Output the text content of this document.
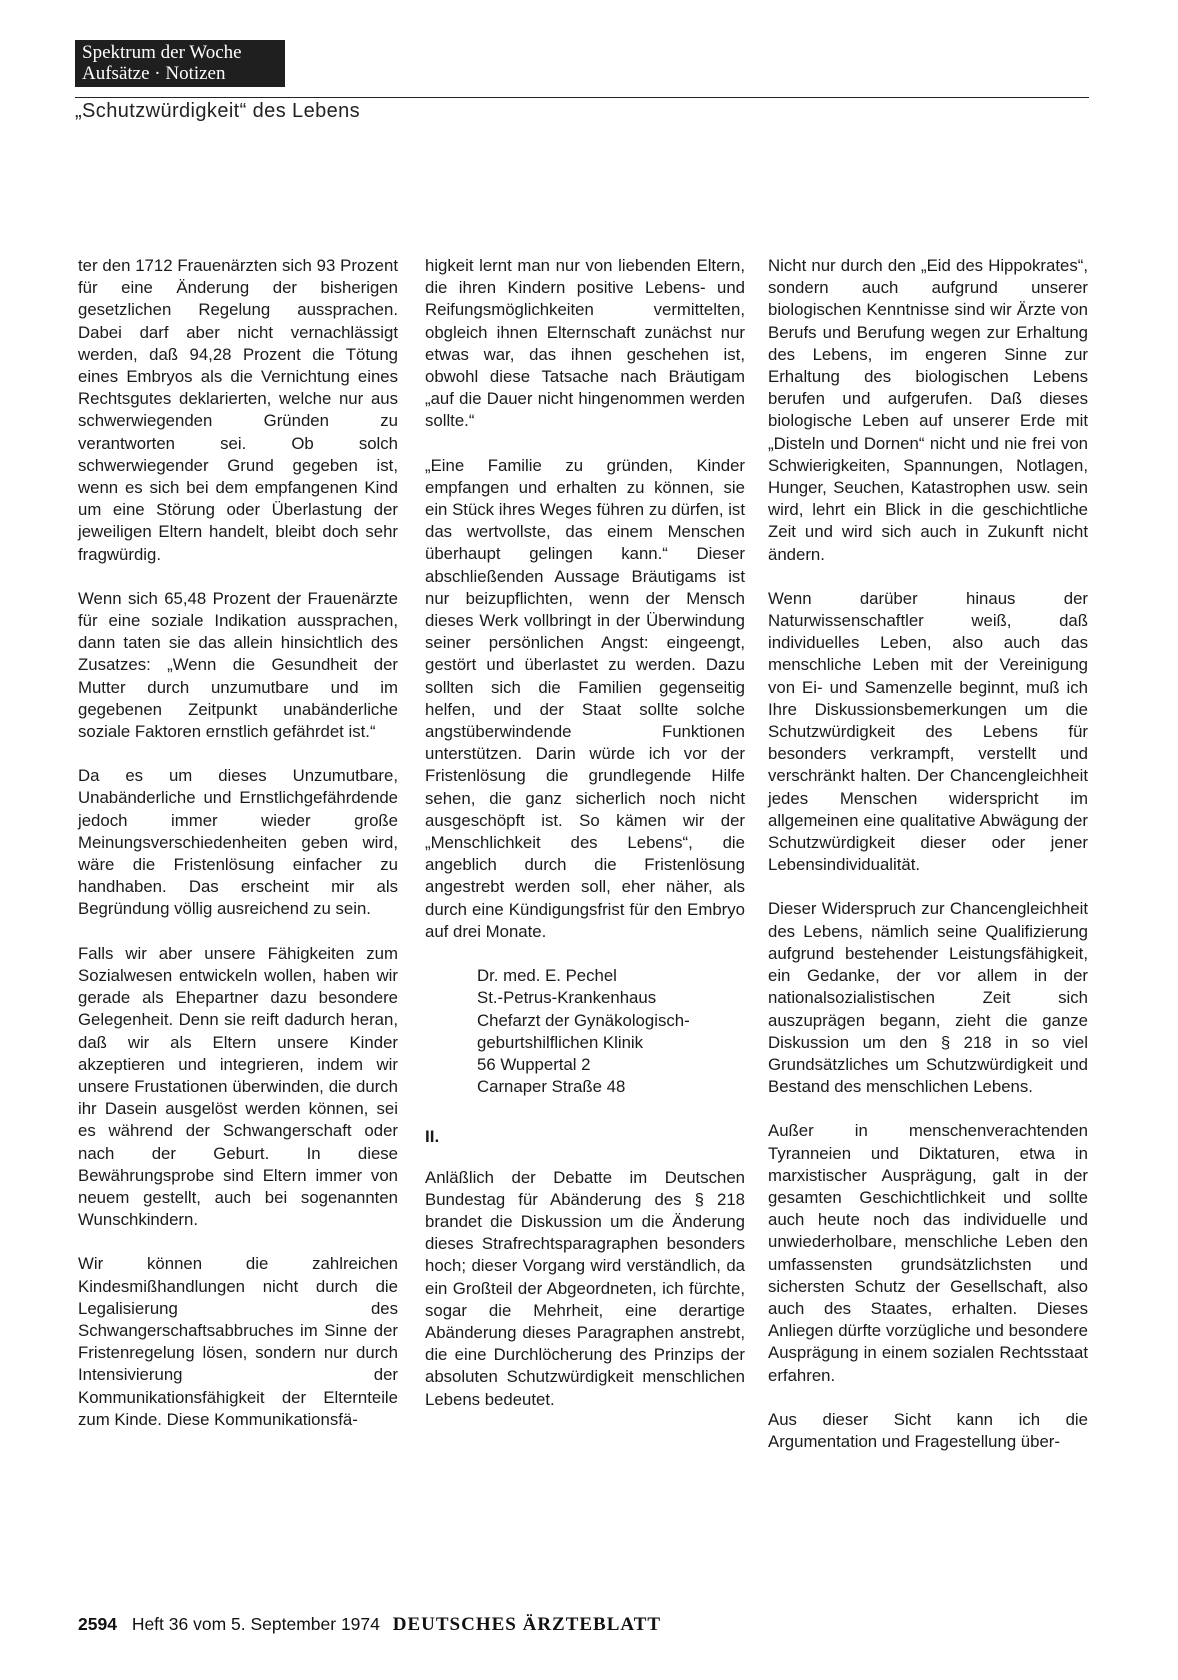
Spektrum der Woche
Aufsätze · Notizen
„Schutzwürdigkeit“ des Lebens

ter den 1712 Frauenärzten sich 93 Prozent für eine Änderung der bisherigen gesetzlichen Regelung aussprachen. Dabei darf aber nicht vernachlässigt werden, daß 94,28 Prozent die Tötung eines Embryos als die Vernichtung eines Rechtsgutes deklarierten, welche nur aus schwerwiegenden Gründen zu verantworten sei. Ob solch schwerwiegender Grund gegeben ist, wenn es sich bei dem empfangenen Kind um eine Störung oder Überlastung der jeweiligen Eltern handelt, bleibt doch sehr fragwürdig.

Wenn sich 65,48 Prozent der Frauenärzte für eine soziale Indikation aussprachen, dann taten sie das allein hinsichtlich des Zusatzes: „Wenn die Gesundheit der Mutter durch unzumutbare und im gegebenen Zeitpunkt unabänderliche soziale Faktoren ernstlich gefährdet ist.“

Da es um dieses Unzumutbare, Unabänderliche und Ernstlichgefährdende jedoch immer wieder große Meinungsverschiedenheiten geben wird, wäre die Fristenlösung einfacher zu handhaben. Das erscheint mir als Begründung völlig ausreichend zu sein.

Falls wir aber unsere Fähigkeiten zum Sozialwesen entwickeln wollen, haben wir gerade als Ehepartner dazu besondere Gelegenheit. Denn sie reift dadurch heran, daß wir als Eltern unsere Kinder akzeptieren und integrieren, indem wir unsere Frustationen überwinden, die durch ihr Dasein ausgelöst werden können, sei es während der Schwangerschaft oder nach der Geburt. In diese Bewährungsprobe sind Eltern immer von neuem gestellt, auch bei sogenannten Wunschkindern.

Wir können die zahlreichen Kindesmißhandlungen nicht durch die Legalisierung des Schwangerschaftsabbruches im Sinne der Fristenregelung lösen, sondern nur durch Intensivierung der Kommunikationsfähigkeit der Elternteile zum Kinde. Diese Kommunikationsfä-

higkeit lernt man nur von liebenden Eltern, die ihren Kindern positive Lebens- und Reifungsmöglichkeiten vermittelten, obgleich ihnen Elternschaft zunächst nur etwas war, das ihnen geschehen ist, obwohl diese Tatsache nach Bräutigam „auf die Dauer nicht hingenommen werden sollte.“

„Eine Familie zu gründen, Kinder empfangen und erhalten zu können, sie ein Stück ihres Weges führen zu dürfen, ist das wertvollste, das einem Menschen überhaupt gelingen kann.“ Dieser abschließenden Aussage Bräutigams ist nur beizupflichten, wenn der Mensch dieses Werk vollbringt in der Überwindung seiner persönlichen Angst: eingeengt, gestört und überlastet zu werden. Dazu sollten sich die Familien gegenseitig helfen, und der Staat sollte solche angstüberwindende Funktionen unterstützen. Darin würde ich vor der Fristenlösung die grundlegende Hilfe sehen, die ganz sicherlich noch nicht ausgeschöpft ist. So kämen wir der „Menschlichkeit des Lebens“, die angeblich durch die Fristenlösung angestrebt werden soll, eher näher, als durch eine Kündigungsfrist für den Embryo auf drei Monate.

Dr. med. E. Pechel
St.-Petrus-Krankenhaus
Chefarzt der Gynäkologisch-
geburtshilflichen Klinik
56 Wuppertal 2
Carnaper Straße 48
II.

Anläßlich der Debatte im Deutschen Bundestag für Abänderung des § 218 brandet die Diskussion um die Änderung dieses Strafrechtsparagraphen besonders hoch; dieser Vorgang wird verständlich, da ein Großteil der Abgeordneten, ich fürchte, sogar die Mehrheit, eine derartige Abänderung dieses Paragraphen anstrebt, die eine Durchlöcherung des Prinzips der absoluten Schutzwürdigkeit menschlichen Lebens bedeutet.

Nicht nur durch den „Eid des Hippokrates“, sondern auch aufgrund unserer biologischen Kenntnisse sind wir Ärzte von Berufs und Berufung wegen zur Erhaltung des Lebens, im engeren Sinne zur Erhaltung des biologischen Lebens berufen und aufgerufen. Daß dieses biologische Leben auf unserer Erde mit „Disteln und Dornen“ nicht und nie frei von Schwierigkeiten, Spannungen, Notlagen, Hunger, Seuchen, Katastrophen usw. sein wird, lehrt ein Blick in die geschichtliche Zeit und wird sich auch in Zukunft nicht ändern.

Wenn darüber hinaus der Naturwissenschaftler weiß, daß individuelles Leben, also auch das menschliche Leben mit der Vereinigung von Ei- und Samenzelle beginnt, muß ich Ihre Diskussionsbemerkungen um die Schutzwürdigkeit des Lebens für besonders verkrampft, verstellt und verschränkt halten. Der Chancengleichheit jedes Menschen widerspricht im allgemeinen eine qualitative Abwägung der Schutzwürdigkeit dieser oder jener Lebensindividualität.

Dieser Widerspruch zur Chancengleichheit des Lebens, nämlich seine Qualifizierung aufgrund bestehender Leistungsfähigkeit, ein Gedanke, der vor allem in der nationalsozialistischen Zeit sich auszuprägen begann, zieht die ganze Diskussion um den § 218 in so viel Grundsätzliches um Schutzwürdigkeit und Bestand des menschlichen Lebens.

Außer in menschenverachtenden Tyranneien und Diktaturen, etwa in marxistischer Ausprägung, galt in der gesamten Geschichtlichkeit und sollte auch heute noch das individuelle und unwiederholbare, menschliche Leben den umfassensten grundsätzlichsten und sichersten Schutz der Gesellschaft, also auch des Staates, erhalten. Dieses Anliegen dürfte vorzügliche und besondere Ausprägung in einem sozialen Rechtsstaat erfahren.

Aus dieser Sicht kann ich die Argumentation und Fragestellung über-

2594 Heft 36 vom 5. September 1974 DEUTSCHES ÄRZTEBLATT
